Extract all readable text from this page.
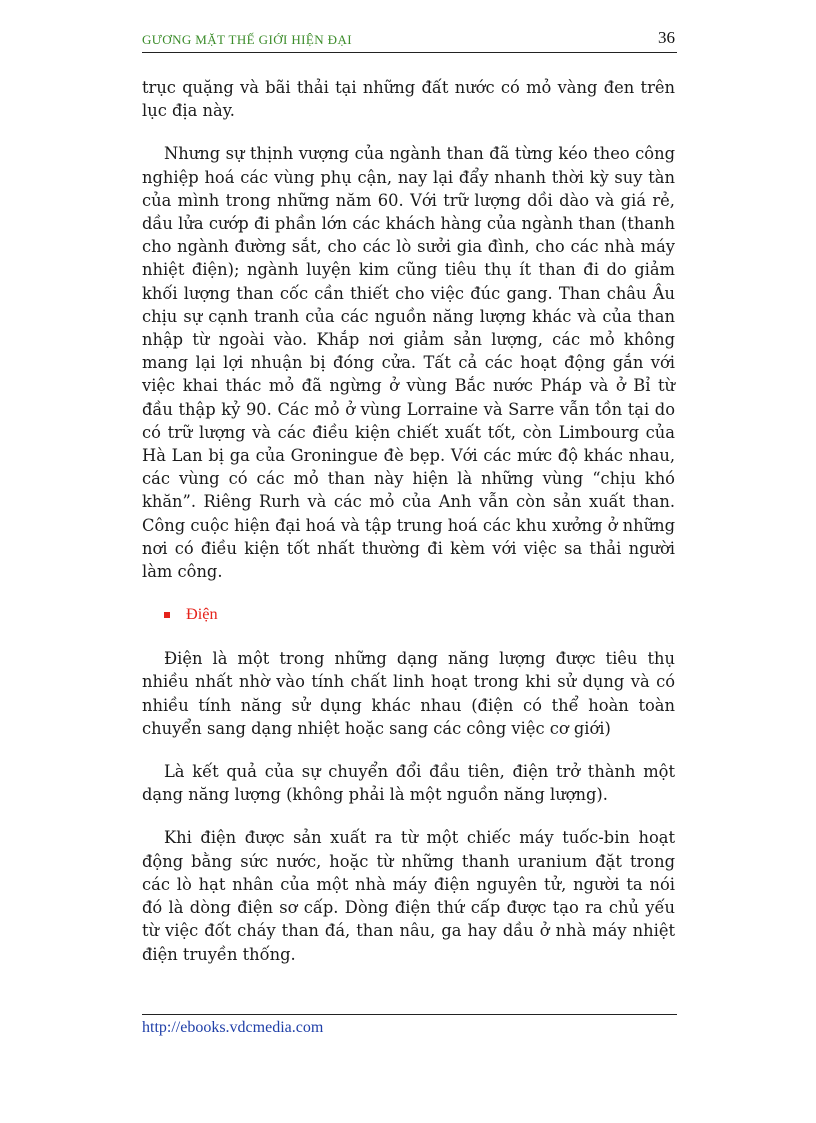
GƯƠNG MẶT THẾ GIỚI HIỆN ĐẠI	36

trục quặng và bãi thải tại những đất nước có mỏ vàng đen trên lục địa này.

Nhưng sự thịnh vượng của ngành than đã từng kéo theo công nghiệp hoá các vùng phụ cận, nay lại đẩy nhanh thời kỳ suy tàn của mình trong những năm 60. Với trữ lượng dồi dào và giá rẻ, dầu lửa cướp đi phần lớn các khách hàng của ngành than (thanh cho ngành đường sắt, cho các lò sưởi gia đình, cho các nhà máy nhiệt điện); ngành luyện kim cũng tiêu thụ ít than đi do giảm khối lượng than cốc cần thiết cho việc đúc gang. Than châu Âu chịu sự cạnh tranh của các nguồn năng lượng khác và của than nhập từ ngoài vào. Khắp nơi giảm sản lượng, các mỏ không mang lại lợi nhuận bị đóng cửa. Tất cả các hoạt động gắn với việc khai thác mỏ đã ngừng ở vùng Bắc nước Pháp và ở Bỉ từ đầu thập kỷ 90. Các mỏ ở vùng Lorraine và Sarre vẫn tồn tại do có trữ lượng và các điều kiện chiết xuất tốt, còn Limbourg của Hà Lan bị ga của Groningue đè bẹp. Với các mức độ khác nhau, các vùng có các mỏ than này hiện là những vùng “chịu khó khăn”. Riêng Rurh và các mỏ của Anh vẫn còn sản xuất than. Công cuộc hiện đại hoá và tập trung hoá các khu xưởng ở những nơi có điều kiện tốt nhất thường đi kèm với việc sa thải người làm công.

Điện

Điện là một trong những dạng năng lượng được tiêu thụ nhiều nhất nhờ vào tính chất linh hoạt trong khi sử dụng và có nhiều tính năng sử dụng khác nhau (điện có thể hoàn toàn chuyển sang dạng nhiệt hoặc sang các công việc cơ giới)

Là kết quả của sự chuyển đổi đầu tiên, điện trở thành một dạng năng lượng (không phải là một nguồn năng lượng).

Khi điện được sản xuất ra từ một chiếc máy tuốc-bin hoạt động bằng sức nước, hoặc từ những thanh uranium đặt trong các lò hạt nhân của một nhà máy điện nguyên tử, người ta nói đó là dòng điện sơ cấp. Dòng điện thứ cấp được tạo ra chủ yếu từ việc đốt cháy than đá, than nâu, ga hay dầu ở nhà máy nhiệt điện truyền thống.

http://ebooks.vdcmedia.com
